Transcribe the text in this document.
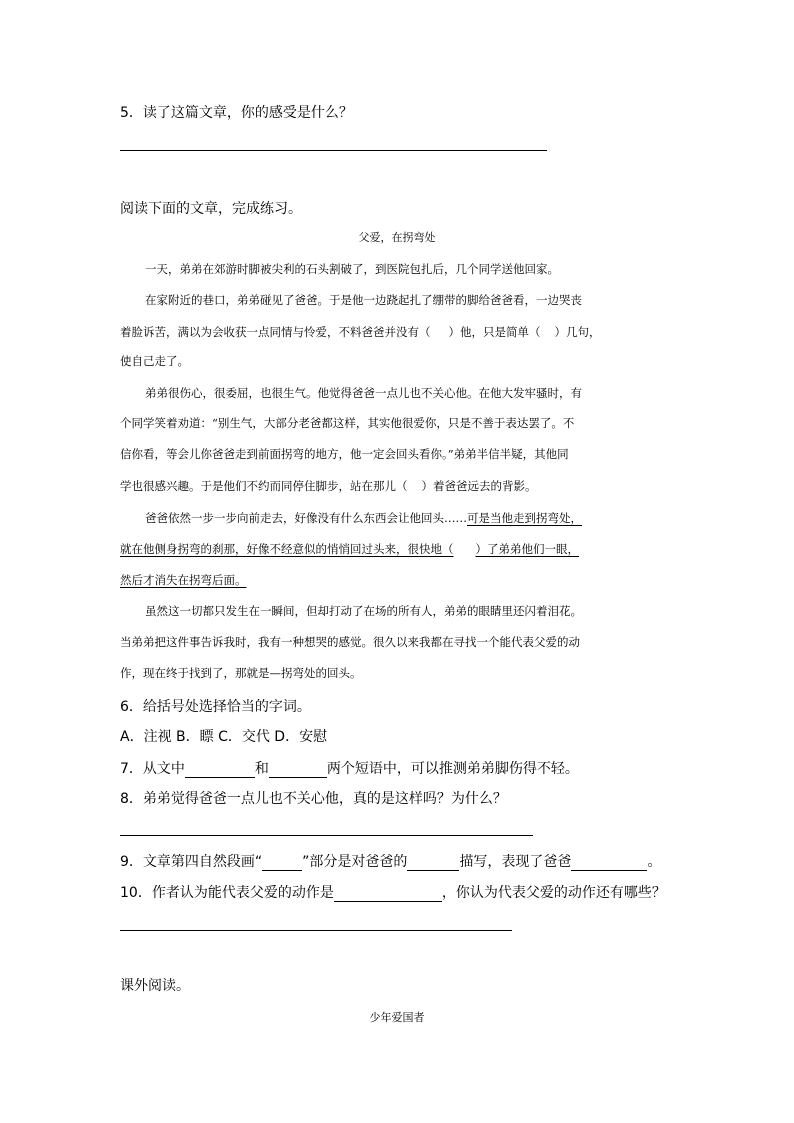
5．读了这篇文章，你的感受是什么？
阅读下面的文章，完成练习。
父爱，在拐弯处
一天，弟弟在郊游时脚被尖利的石头割破了，到医院包扎后，几个同学送他回家。
在家附近的巷口，弟弟碰见了爸爸。于是他一边跷起扎了绷带的脚给爸爸看，一边哭丧
着脸诉苦，满以为会收获一点同情与怜爱，不料爸爸并没有（ ）他，只是简单（ ）几句，
使自己走了。
弟弟很伤心，很委屈，也很生气。他觉得爸爸一点儿也不关心他。在他大发牢骚时，有
个同学笑着劝道：“别生气，大部分老爸都这样，其实他很爱你，只是不善于表达罢了。不
信你看，等会儿你爸爸走到前面拐弯的地方，他一定会回头看你。”弟弟半信半疑，其他同
学也很感兴趣。于是他们不约而同停住脚步，站在那儿（ ）着爸爸远去的背影。
爸爸依然一步一步向前走去，好像没有什么东西会让他回头……可是当他走到拐弯处，
就在他侧身拐弯的刹那，好像不经意似的悄悄回过头来，很快地（ ）了弟弟他们一眼，
然后才消失在拐弯后面。
虽然这一切都只发生在一瞬间，但却打动了在场的所有人，弟弟的眼睛里还闪着泪花。
当弟弟把这件事告诉我时，我有一种想哭的感觉。很久以来我都在寻找一个能代表父爱的动
作，现在终于找到了，那就是—拐弯处的回头。
6．给括号处选择恰当的字词。
A．注视 B．瞟 C．交代 D．安慰
7．从文中	和	两个短语中，可以推测弟弟脚伤得不轻。
8．弟弟觉得爸爸一点儿也不关心他，真的是这样吗？为什么？
9．文章第四自然段画“	”部分是对爸爸的	描写，表现了爸爸	。
10．作者认为能代表父爱的动作是	，你认为代表父爱的动作还有哪些？
课外阅读。
少年爱国者
